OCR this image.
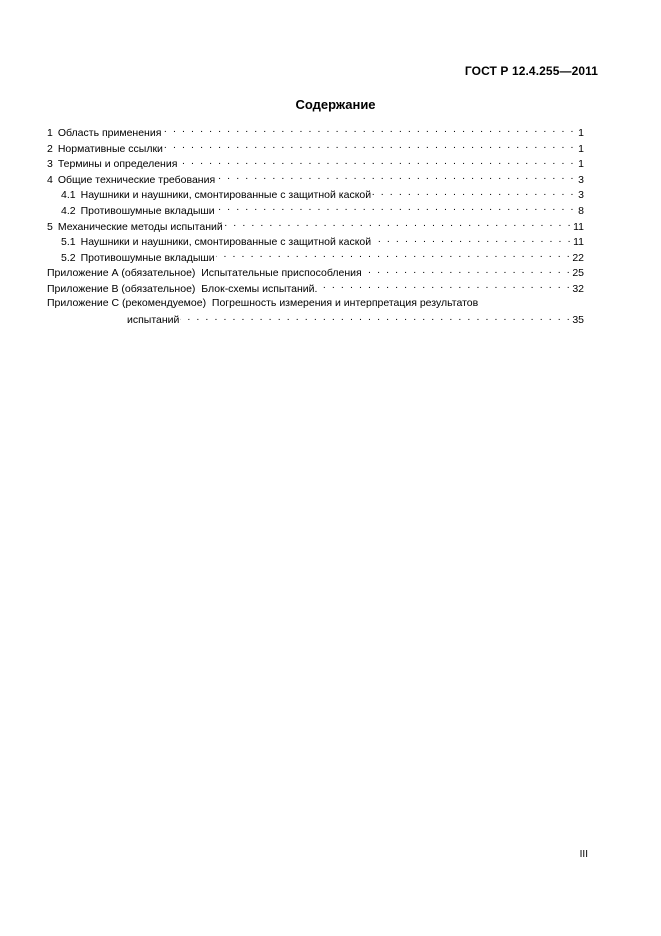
ГОСТ Р 12.4.255—2011
Содержание
1 Область применения . . .	1
2 Нормативные ссылки . . .	1
3 Термины и определения . . .	1
4 Общие технические требования . . .	3
4.1 Наушники и наушники, смонтированные с защитной каской . . .	3
4.2 Противошумные вкладыши . . .	8
5 Механические методы испытаний . . .	11
5.1 Наушники и наушники, смонтированные с защитной каской . . .	11
5.2 Противошумные вкладыши . . .	22
Приложение А (обязательное)  Испытательные приспособления . . .	25
Приложение В (обязательное)  Блок-схемы испытаний. . . .	32
Приложение С (рекомендуемое)  Погрешность измерения и интерпретация результатов
испытаний . . .	35
III
